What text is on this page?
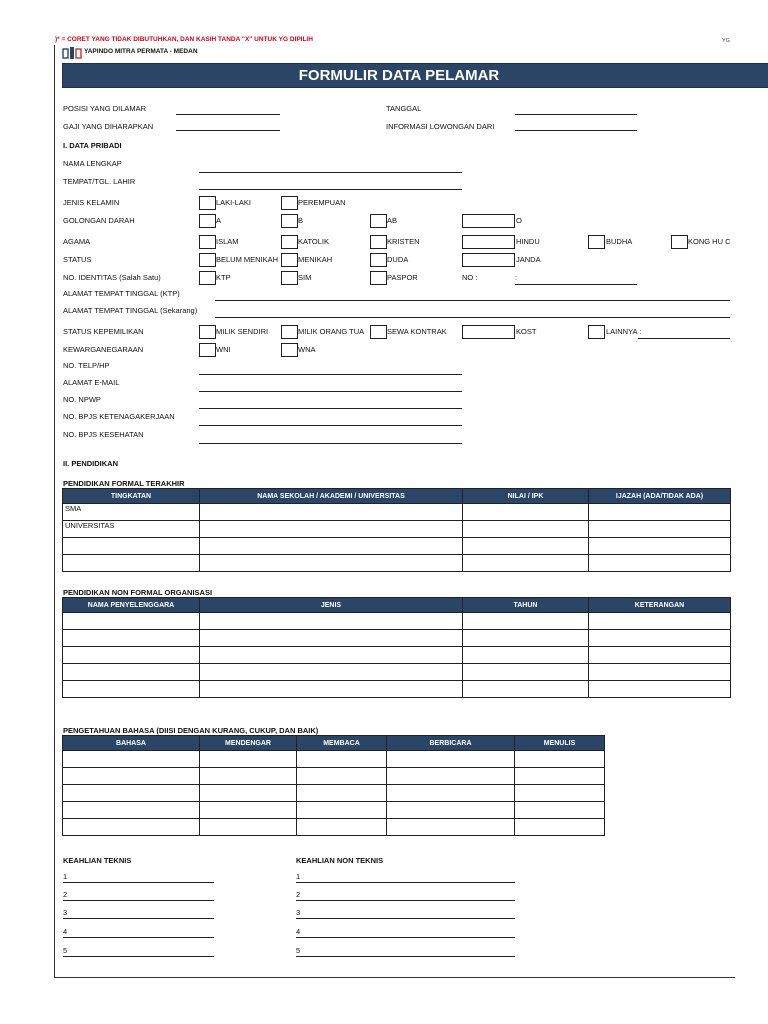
)* = CORET YANG TIDAK DIBUTUHKAN, DAN KASIH TANDA "X" UNTUK YG DIPILIH	YG
YAPINDO MITRA PERMATA - MEDAN
FORMULIR DATA PELAMAR
POSISI YANG DILAMAR
GAJI YANG DIHARAPKAN
TANGGAL
INFORMASI LOWONGAN DARI
I. DATA PRIBADI
NAMA LENGKAP
TEMPAT/TGL. LAHIR
JENIS KELAMIN	LAKI-LAKI	PEREMPUAN
GOLONGAN DARAH	A	B	AB	O
AGAMA	ISLAM	KATOLIK	KRISTEN	HINDU	BUDHA	KONG HU C
STATUS	BELUM MENIKAH	MENIKAH	DUDA	JANDA
NO. IDENTITAS (Salah Satu)	KTP	SIM	PASPOR	NO :	:
ALAMAT TEMPAT TINGGAL (KTP)
ALAMAT TEMPAT TINGGAL (Sekarang)
STATUS KEPEMILIKAN	MILIK SENDIRI	MILIK ORANG TUA	SEWA KONTRAK	KOST	LAINNYA :
KEWARGANEGARAAN	WNI	WNA
NO. TELP/HP
ALAMAT E-MAIL
NO. NPWP
NO. BPJS KETENAGAKERJAAN
NO. BPJS KESEHATAN
II. PENDIDIKAN
PENDIDIKAN FORMAL TERAKHIR
TINGKATAN	NAMA SEKOLAH / AKADEMI / UNIVERSITAS	NILAI / IPK	IJAZAH (ADA/TIDAK ADA)
SMA			
UNIVERSITAS			

PENDIDIKAN NON FORMAL ORGANISASI
NAMA PENYELENGGARA	JENIS	TAHUN	KETERANGAN

PENGETAHUAN BAHASA (DIISI DENGAN KURANG, CUKUP, DAN BAIK)
BAHASA	MENDENGAR	MEMBACA	BERBICARA	MENULIS

KEAHLIAN TEKNIS	KEAHLIAN NON TEKNIS
1
2
3
4
5
1
2
3
4
5
